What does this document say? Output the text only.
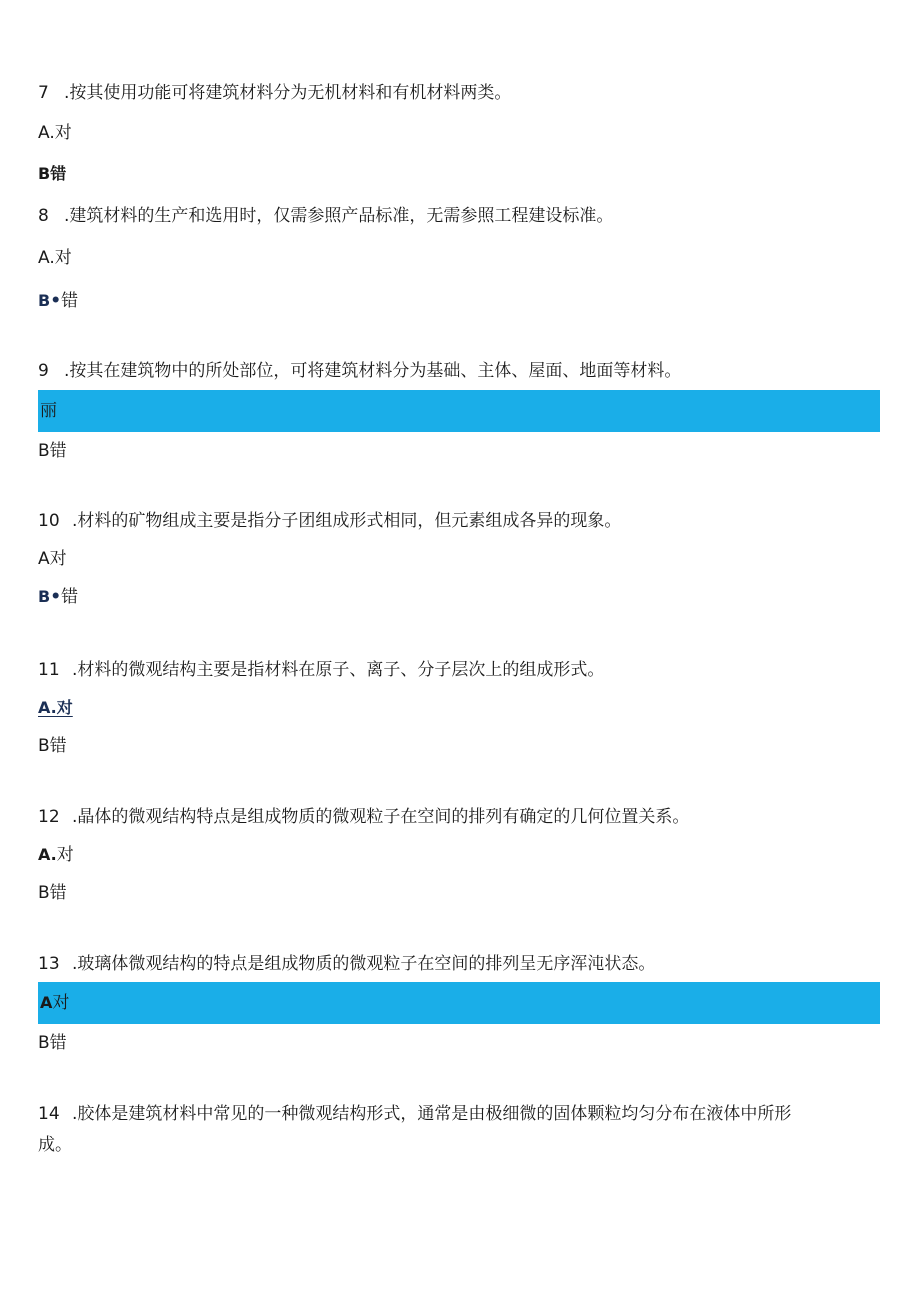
7 .按其使用功能可将建筑材料分为无机材料和有机材料两类。
A.对
B错
8 .建筑材料的生产和选用时，仅需参照产品标准，无需参照工程建设标准。
A.对
B•错
9 .按其在建筑物中的所处部位，可将建筑材料分为基础、主体、屋面、地面等材料。
丽
B错
10 .材料的矿物组成主要是指分子团组成形式相同，但元素组成各异的现象。
A对
B•错
11 .材料的微观结构主要是指材料在原子、离子、分子层次上的组成形式。
A.对
B错
12 .晶体的微观结构特点是组成物质的微观粒子在空间的排列有确定的几何位置关系。
A.对
B错
13 .玻璃体微观结构的特点是组成物质的微观粒子在空间的排列呈无序浑沌状态。
A对
B错
14 .胶体是建筑材料中常见的一种微观结构形式，通常是由极细微的固体颗粒均匀分布在液体中所形
成。
